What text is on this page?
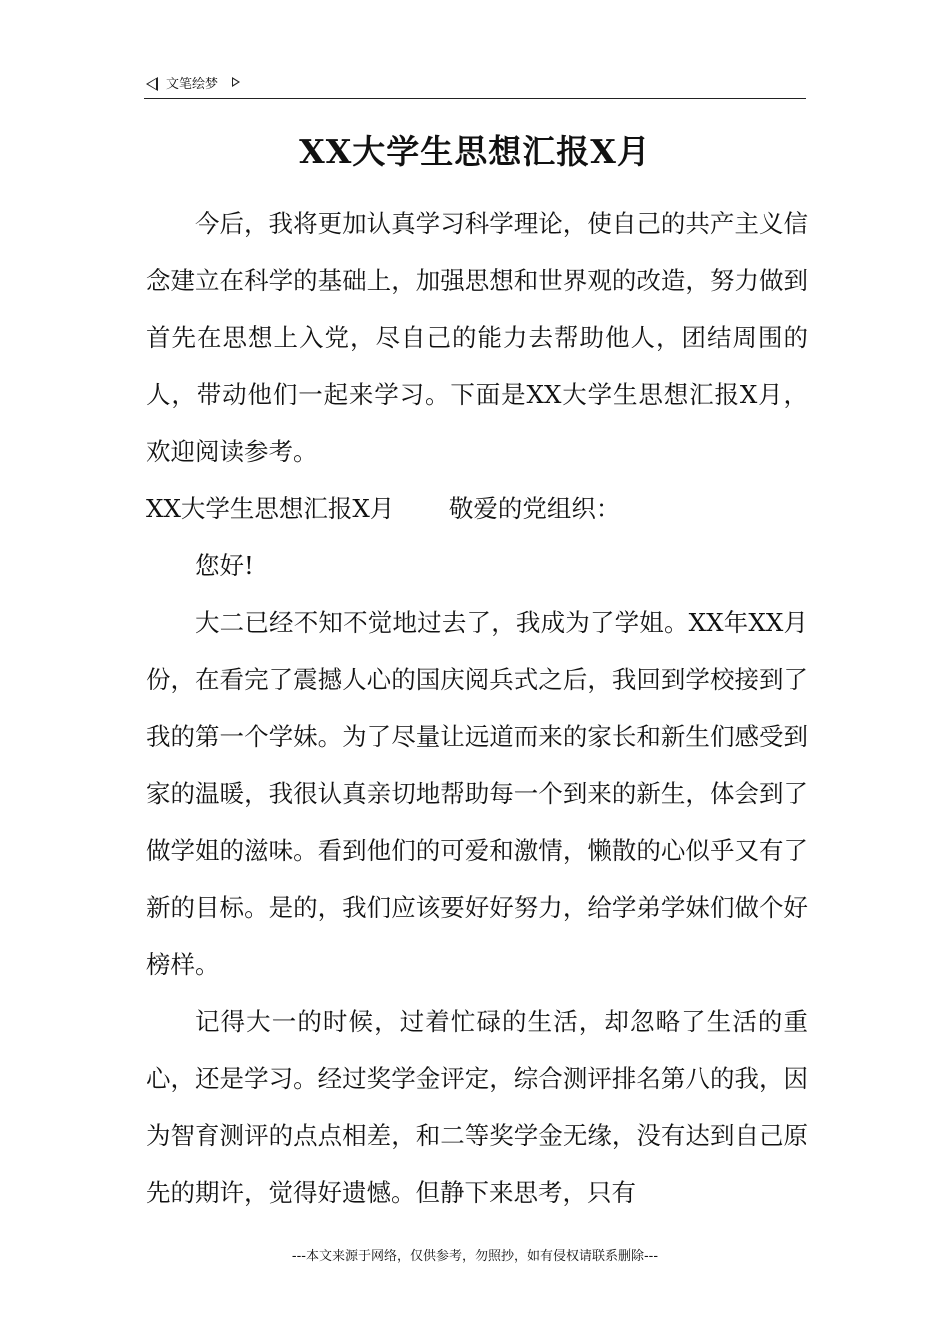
文笔绘梦
XX大学生思想汇报X月

今后，我将更加认真学习科学理论，使自己的共产主义信念建立在科学的基础上，加强思想和世界观的改造，努力做到首先在思想上入党，尽自己的能力去帮助他人，团结周围的人，带动他们一起来学习。下面是XX大学生思想汇报X月，欢迎阅读参考。

XX大学生思想汇报X月 敬爱的党组织：

您好!

大二已经不知不觉地过去了，我成为了学姐。XX年XX月份，在看完了震撼人心的国庆阅兵式之后，我回到学校接到了我的第一个学妹。为了尽量让远道而来的家长和新生们感受到家的温暖，我很认真亲切地帮助每一个到来的新生，体会到了做学姐的滋味。看到他们的可爱和激情，懒散的心似乎又有了新的目标。是的，我们应该要好好努力，给学弟学妹们做个好榜样。

记得大一的时候，过着忙碌的生活，却忽略了生活的重心，还是学习。经过奖学金评定，综合测评排名第八的我，因为智育测评的点点相差，和二等奖学金无缘，没有达到自己原先的期许，觉得好遗憾。但静下来思考，只有

---本文来源于网络，仅供参考，勿照抄，如有侵权请联系删除---
